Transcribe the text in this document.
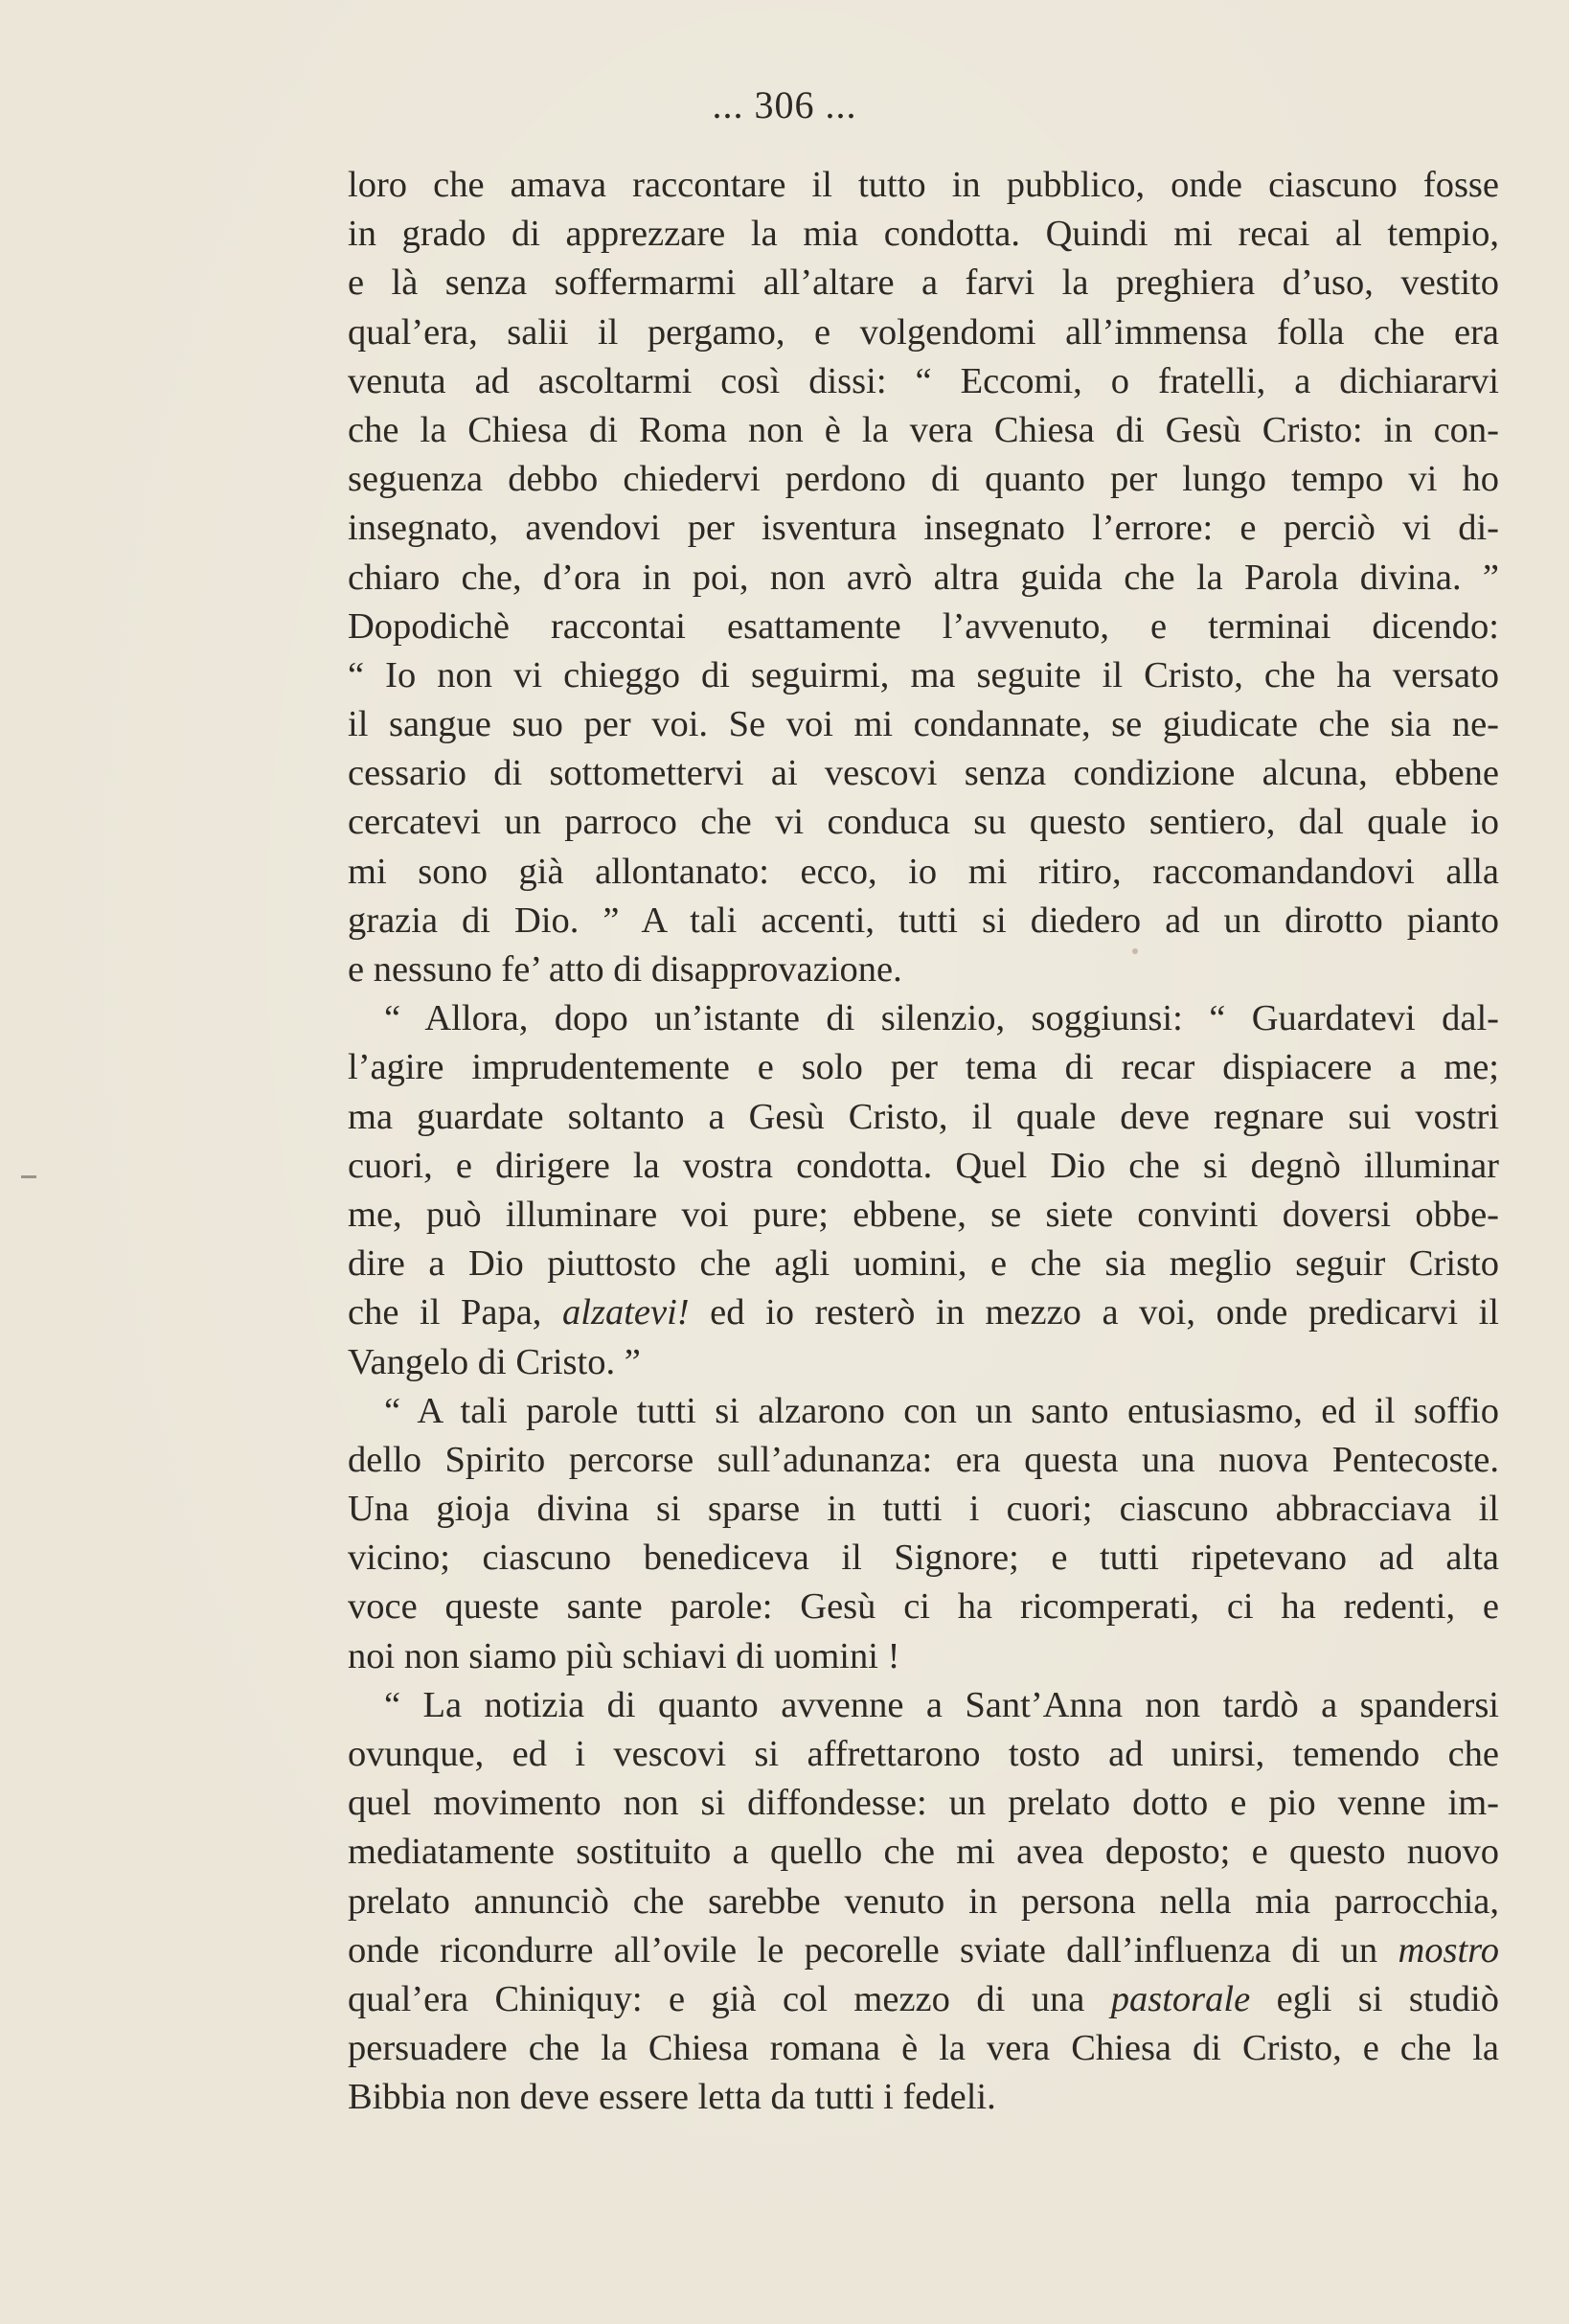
... 306 ...
loro che amava raccontare il tutto in pubblico, onde ciascuno fosse
in grado di apprezzare la mia condotta. Quindi mi recai al tempio,
e là senza soffermarmi all’altare a farvi la preghiera d’uso, vestito
qual’era, salii il pergamo, e volgendomi all’immensa folla che era
venuta ad ascoltarmi così dissi: “ Eccomi, o fratelli, a dichiararvi
che la Chiesa di Roma non è la vera Chiesa di Gesù Cristo: in con-
seguenza debbo chiedervi perdono di quanto per lungo tempo vi ho
insegnato, avendovi per isventura insegnato l’errore: e perciò vi di-
chiaro che, d’ora in poi, non avrò altra guida che la Parola divina. ”
Dopodichè raccontai esattamente l’avvenuto, e terminai dicendo:
“ Io non vi chieggo di seguirmi, ma seguite il Cristo, che ha versato
il sangue suo per voi. Se voi mi condannate, se giudicate che sia ne-
cessario di sottomettervi ai vescovi senza condizione alcuna, ebbene
cercatevi un parroco che vi conduca su questo sentiero, dal quale io
mi sono già allontanato: ecco, io mi ritiro, raccomandandovi alla
grazia di Dio. ” A tali accenti, tutti si diedero ad un dirotto pianto
e nessuno fe’ atto di disapprovazione.
“ Allora, dopo un’istante di silenzio, soggiunsi: “ Guardatevi dal-
l’agire imprudentemente e solo per tema di recar dispiacere a me;
ma guardate soltanto a Gesù Cristo, il quale deve regnare sui vostri
cuori, e dirigere la vostra condotta. Quel Dio che si degnò illuminar
me, può illuminare voi pure; ebbene, se siete convinti doversi obbe-
dire a Dio piuttosto che agli uomini, e che sia meglio seguir Cristo
che il Papa, alzatevi! ed io resterò in mezzo a voi, onde predicarvi il
Vangelo di Cristo. ”
“ A tali parole tutti si alzarono con un santo entusiasmo, ed il soffio
dello Spirito percorse sull’adunanza: era questa una nuova Pentecoste.
Una gioja divina si sparse in tutti i cuori; ciascuno abbracciava il
vicino; ciascuno benediceva il Signore; e tutti ripetevano ad alta
voce queste sante parole: Gesù ci ha ricomperati, ci ha redenti, e
noi non siamo più schiavi di uomini !
“ La notizia di quanto avvenne a Sant’Anna non tardò a spandersi
ovunque, ed i vescovi si affrettarono tosto ad unirsi, temendo che
quel movimento non si diffondesse: un prelato dotto e pio venne im-
mediatamente sostituito a quello che mi avea deposto; e questo nuovo
prelato annunciò che sarebbe venuto in persona nella mia parrocchia,
onde ricondurre all’ovile le pecorelle sviate dall’influenza di un mostro
qual’era Chiniquy: e già col mezzo di una pastorale egli si studiò
persuadere che la Chiesa romana è la vera Chiesa di Cristo, e che la
Bibbia non deve essere letta da tutti i fedeli.
